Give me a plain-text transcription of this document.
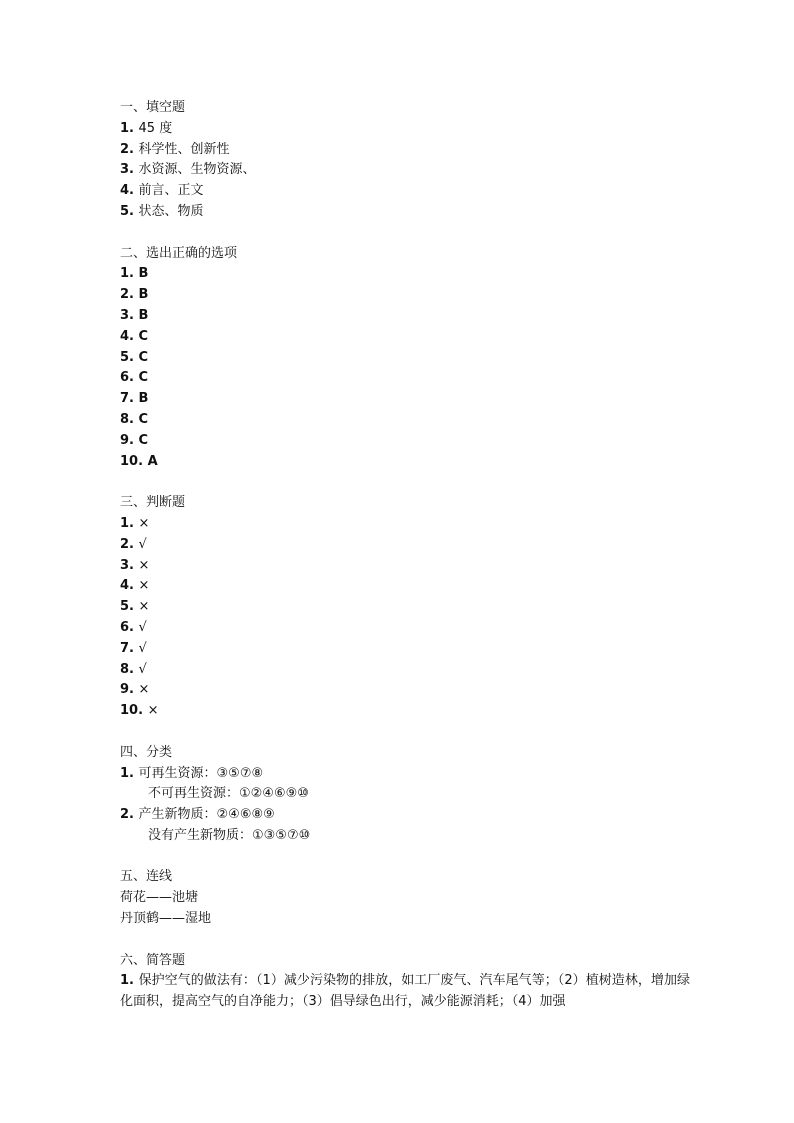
一、填空题
1. 45 度
2. 科学性、创新性
3. 水资源、生物资源、
4. 前言、正文
5. 状态、物质
二、选出正确的选项
1. B
2. B
3. B
4. C
5. C
6. C
7. B
8. C
9. C
10. A
三、判断题
1. ×
2. √
3. ×
4. ×
5. ×
6. √
7. √
8. √
9. ×
10. ×
四、分类
1. 可再生资源：③⑤⑦⑧
不可再生资源：①②④⑥⑨⑩
2. 产生新物质：②④⑥⑧⑨
没有产生新物质：①③⑤⑦⑩
五、连线
荷花——池塘
丹顶鹤——湿地
六、简答题
1. 保护空气的做法有：（1）减少污染物的排放，如工厂废气、汽车尾气等；（2）植树造林，增加绿化面积，提高空气的自净能力；（3）倡导绿色出行，减少能源消耗；（4）加强
